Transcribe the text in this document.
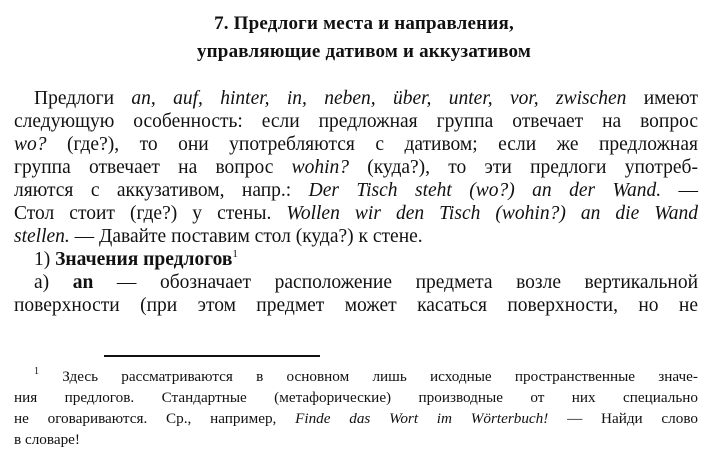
7. Предлоги места и направления,
управляющие дативом и аккузативом
Предлоги an, auf, hinter, in, neben, über, unter, vor, zwischen имеют
следующую особенность: если предложная группа отвечает на вопрос
wo? (где?), то они употребляются с дативом; если же предложная
группа отвечает на вопрос wohin? (куда?), то эти предлоги употреб-
ляются с аккузативом, напр.: Der Tisch steht (wo?) an der Wand. —
Стол стоит (где?) у стены. Wollen wir den Tisch (wohin?) an die Wand
stellen. — Давайте поставим стол (куда?) к стене.
1) Значения предлогов$^1$
а) an — обозначает расположение предмета возле вертикальной
поверхности (при этом предмет может касаться поверхности, но не
$^1$ Здесь рассматриваются в основном лишь исходные пространственные значе-
ния предлогов. Стандартные (метафорические) производные от них специально
не оговариваются. Ср., например, Finde das Wort im Wörterbuch! — Найди слово
в словаре!
